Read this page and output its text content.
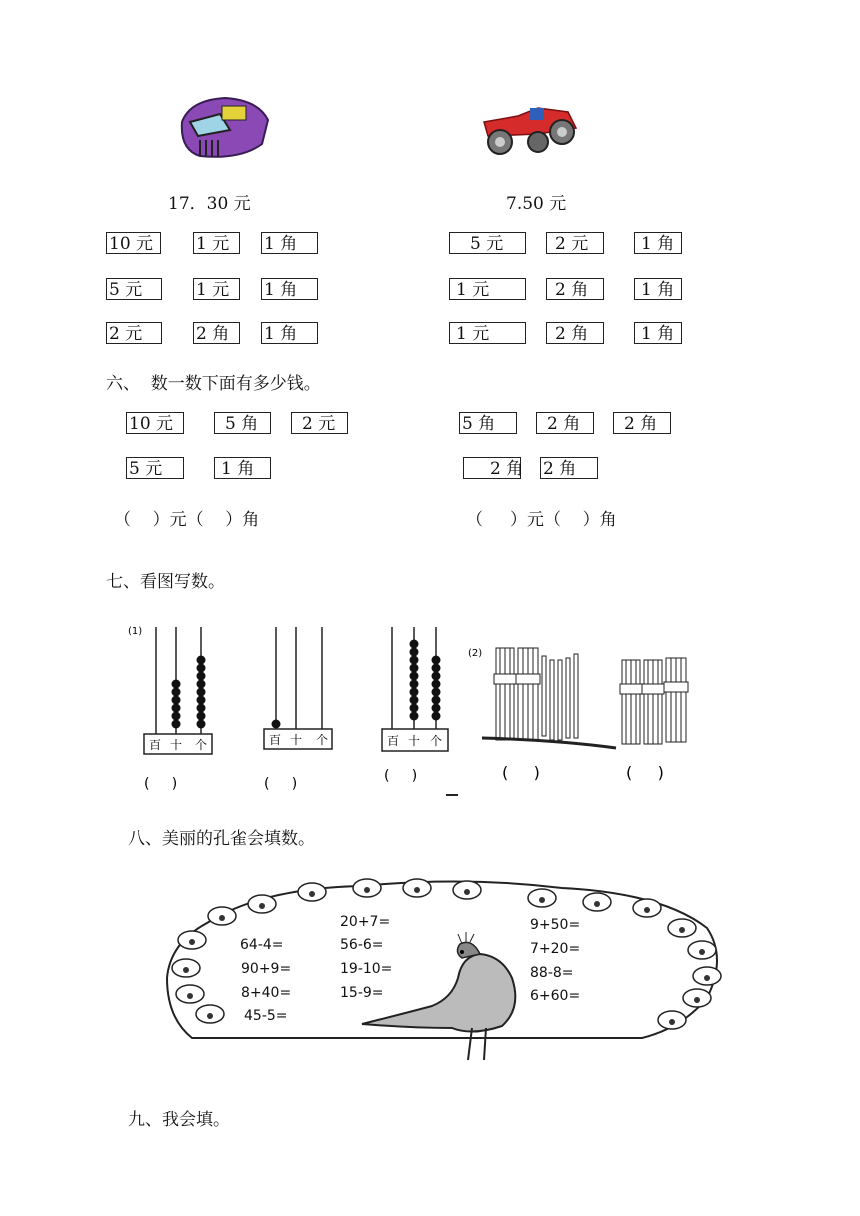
17．30 元	7.50 元
10 元	1 元	1 角
5 元	1 元	1 角
2 元	2 角	1 角
5 元	2 元	1 角
1 元	2 角	1 角
1 元	2 角	1 角
六、  数一数下面有多少钱。
10 元	5 角	2 元
5 元	1 角
5 角	2 角	2 角
2 角 2 角
（    ）元（    ）角	（     ）元（    ）角
七、看图写数。
(1)
百 十 个
(     )
百 十 个
(     )
百 十 个
(     )
(2)
(     )	(     )
八、美丽的孔雀会填数。
64-4=
90+9=
8+40=
45-5=
20+7=
56-6=
19-10=
15-9=
9+50=
7+20=
88-8=
6+60=
九、我会填。
